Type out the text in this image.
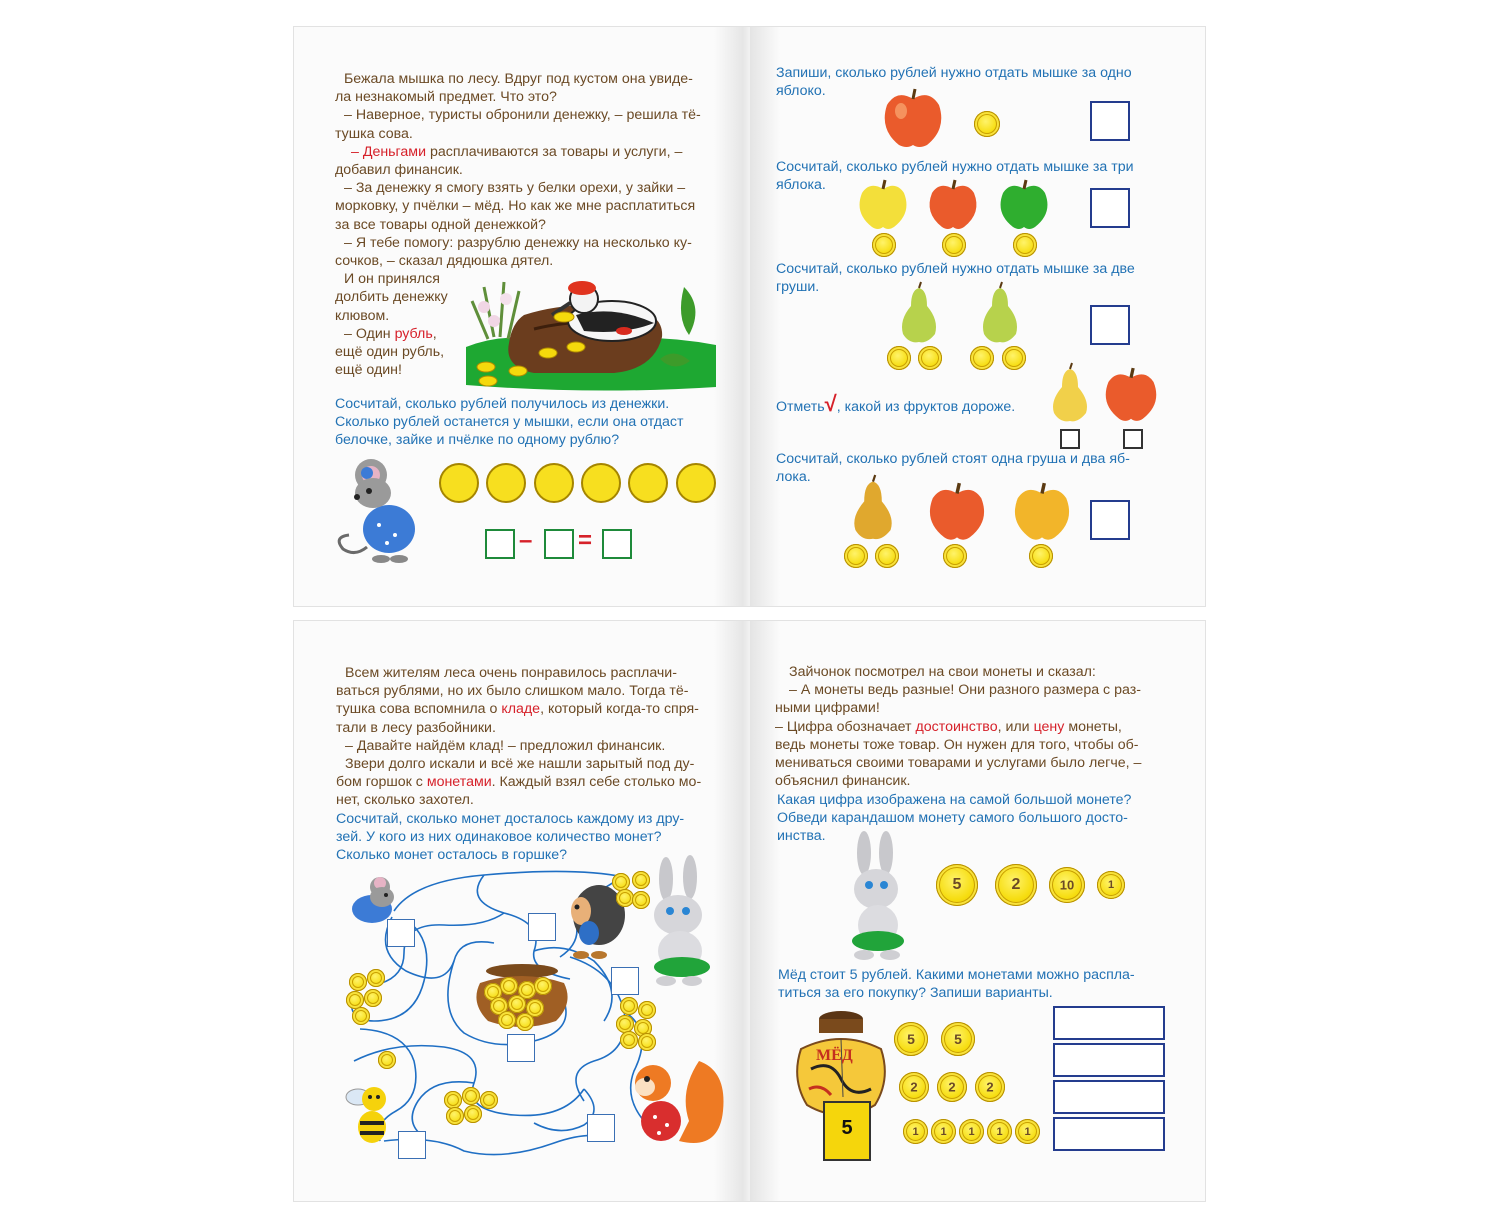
Бежала мышка по лесу. Вдруг под кустом она увиде-

ла незнакомый предмет. Что это?

– Наверное, туристы обронили денежку, – решила тё-

тушка сова.

– Деньгами расплачиваются за товары и услуги, –

добавил финансик.

– За денежку я смогу взять у белки орехи, у зайки –

морковку, у пчёлки – мёд. Но как же мне расплатиться

за все товары одной денежкой?

– Я тебе помогу: разрублю денежку на несколько ку-

сочков, – сказал дядюшка дятел.

И он принялся

долбить денежку

клювом.

– Один рубль,

ещё один рубль,

ещё один!

Сосчитай, сколько рублей получилось из денежки.

Сколько рублей останется у мышки, если она отдаст

белочке, зайке и пчёлке по одному рублю?

– =

Запиши, сколько рублей нужно отдать мышке за одно

яблоко.

Сосчитай, сколько рублей нужно отдать мышке за три

яблока.

Сосчитай, сколько рублей нужно отдать мышке за две

груши.

Отметь√, какой из фруктов дороже.

Сосчитай, сколько рублей стоят одна груша и два яб-

лока.

Всем жителям леса очень понравилось расплачи-

ваться рублями, но их было слишком мало. Тогда тё-

тушка сова вспомнила о кладе, который когда-то спря-

тали в лесу разбойники.

– Давайте найдём клад! – предложил финансик.

Звери долго искали и всё же нашли зарытый под ду-

бом горшок с монетами. Каждый взял себе столько мо-

нет, сколько захотел.

Сосчитай, сколько монет досталось каждому из дру-

зей. У кого из них одинаковое количество монет?

Сколько монет осталось в горшке?

Зайчонок посмотрел на свои монеты и сказал:

– А монеты ведь разные! Они разного размера с раз-

ными цифрами!

– Цифра обозначает достоинство, или цену монеты,

ведь монеты тоже товар. Он нужен для того, чтобы об-

мениваться своими товарами и услугами было легче, –

объяснил финансик.

Какая цифра изображена на самой большой монете?

Обведи карандашом монету самого большого досто-

инства.

5	2	10	1

Мёд стоит 5 рублей. Какими монетами можно распла-

титься за его покупку? Запиши варианты.

МЁД
5
5	5
2	2	2
1	1	1	1	1
